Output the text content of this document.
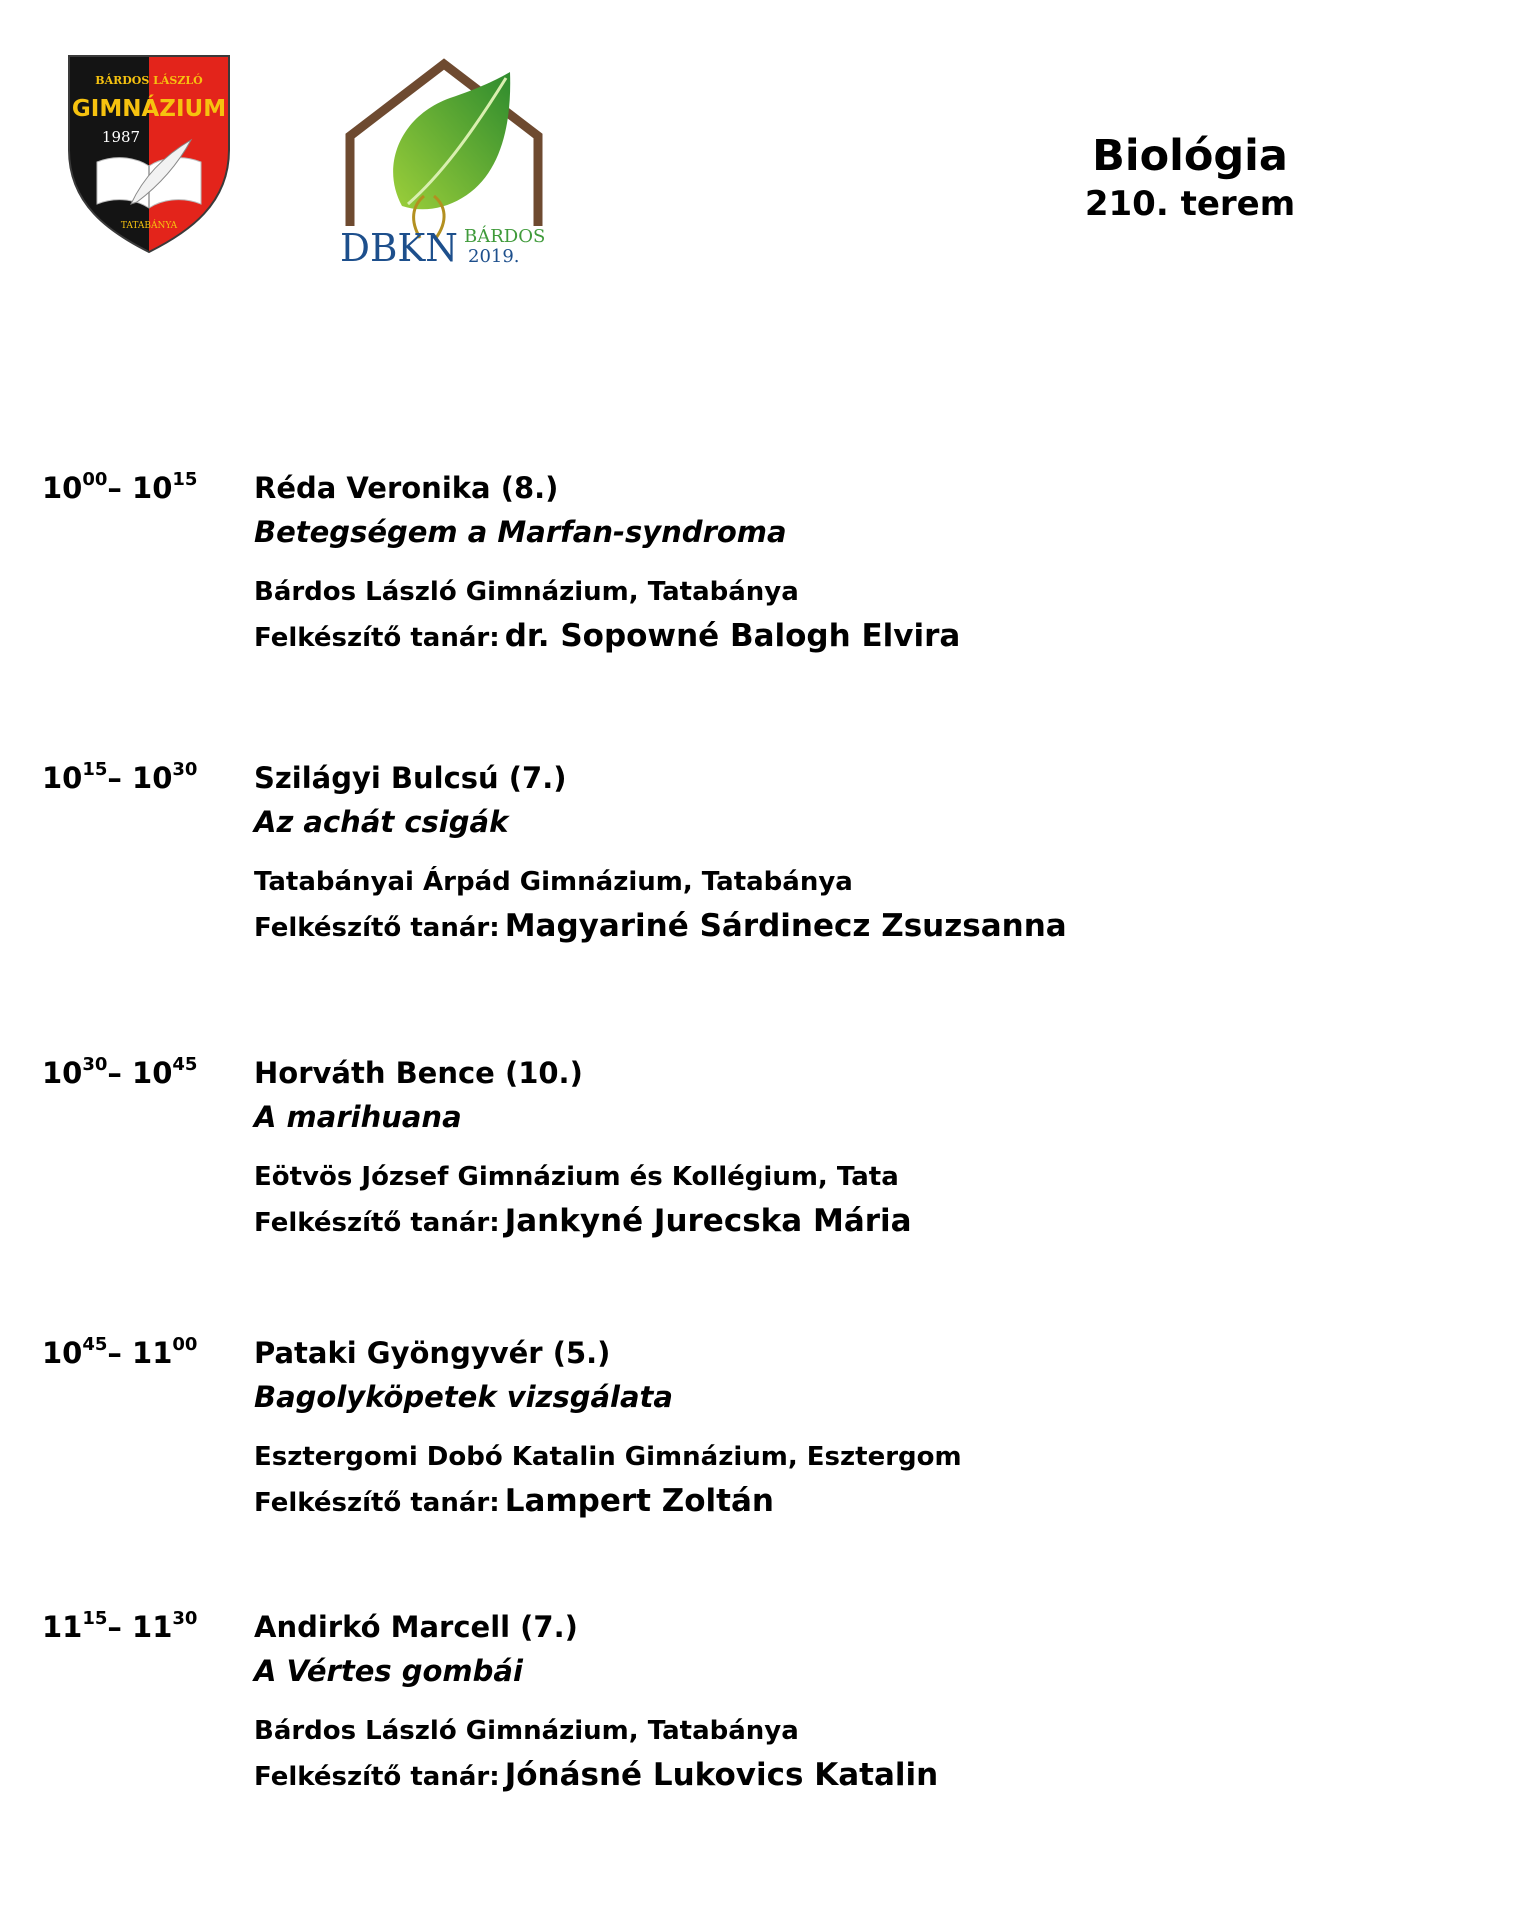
BÁRDOS LÁSZLÓ
GIMNÁZIUM
1987
TATABÁNYA	DBKN BÁRDOS
2019.
Biológia
210. terem
$10^{00}-$ $10^{15}$ Réda Veronika (8.)
Betegségem a Marfan-syndroma
Bárdos László Gimnázium, Tatabánya
Felkészítő tanár: dr. Sopowné Balogh Elvira
$10^{15}-$ $10^{30}$ Szilágyi Bulcsú (7.)
Az achát csigák
Tatabányai Árpád Gimnázium, Tatabánya
Felkészítő tanár: Magyariné Sárdinecz Zsuzsanna
$10^{30}-$ $10^{45}$ Horváth Bence (10.)
A marihuana
Eötvös József Gimnázium és Kollégium, Tata
Felkészítő tanár: Jankyné Jurecska Mária
$10^{45}-$ $11^{00}$ Pataki Gyöngyvér (5.)
Bagolyköpetek vizsgálata
Esztergomi Dobó Katalin Gimnázium, Esztergom
Felkészítő tanár: Lampert Zoltán
$11^{15}-$ $11^{30}$ Andirkó Marcell (7.)
A Vértes gombái
Bárdos László Gimnázium, Tatabánya
Felkészítő tanár: Jónásné Lukovics Katalin
